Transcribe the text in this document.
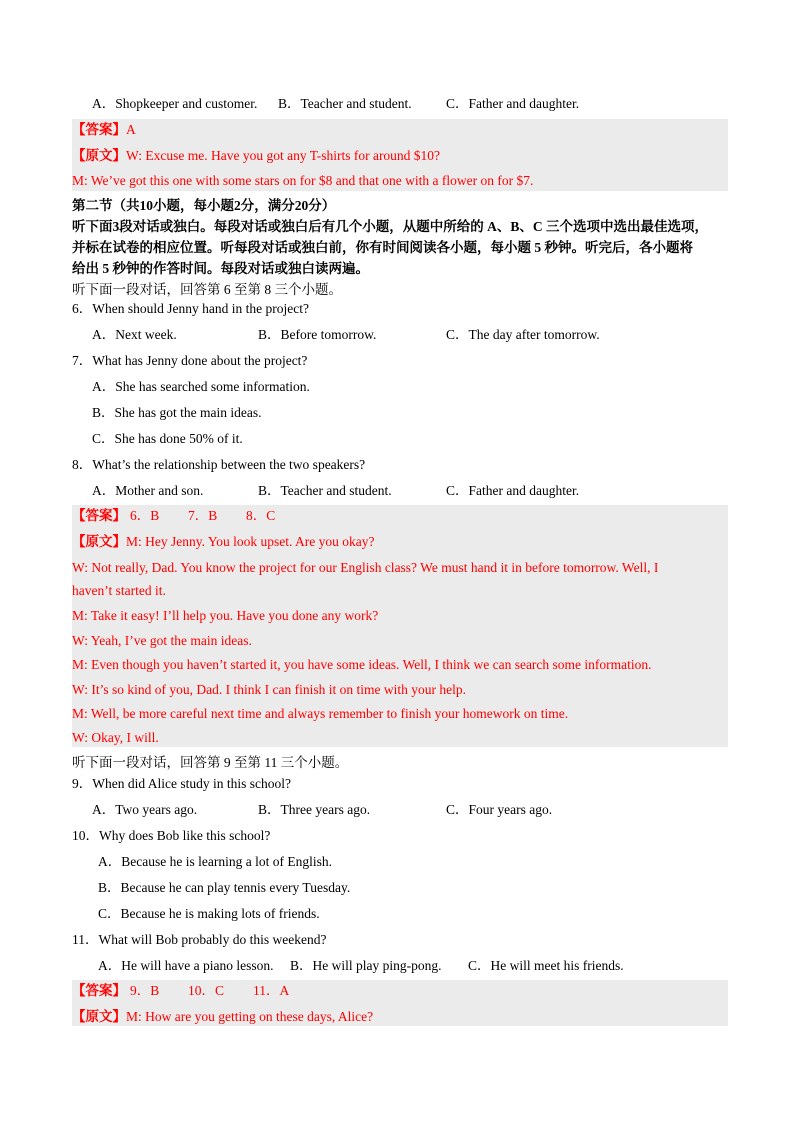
A．Shopkeeper and customer. B．Teacher and student.	C．Father and daughter.
【答案】A
【原文】W: Excuse me. Have you got any T-shirts for around $10?
M: We’ve got this one with some stars on for $8 and that one with a flower on for $7.
第二节（共10小题，每小题2分，满分20分）
听下面3段对话或独白。每段对话或独白后有几个小题，从题中所给的 A、B、C 三个选项中选出最佳选项，
并标在试卷的相应位置。听每段对话或独白前，你有时间阅读各小题，每小题 5 秒钟。听完后，各小题将
给出 5 秒钟的作答时间。每段对话或独白读两遍。
听下面一段对话，回答第 6 至第 8 三个小题。
6．When should Jenny hand in the project?
A．Next week.	B．Before tomorrow.	C．The day after tomorrow.
7．What has Jenny done about the project?
A．She has searched some information.
B．She has got the main ideas.
C．She has done 50% of it.
8．What’s the relationship between the two speakers?
A．Mother and son.	B．Teacher and student.	C．Father and daughter.
【答案】 6．B 7．B 8．C
【原文】M: Hey Jenny. You look upset. Are you okay?
W: Not really, Dad. You know the project for our English class? We must hand it in before tomorrow. Well, I
haven’t started it.
M: Take it easy! I’ll help you. Have you done any work?
W: Yeah, I’ve got the main ideas.
M: Even though you haven’t started it, you have some ideas. Well, I think we can search some information.
W: It’s so kind of you, Dad. I think I can finish it on time with your help.
M: Well, be more careful next time and always remember to finish your homework on time.
W: Okay, I will.
听下面一段对话，回答第 9 至第 11 三个小题。
9．When did Alice study in this school?
A．Two years ago.	B．Three years ago.	C．Four years ago.
10．Why does Bob like this school?
A．Because he is learning a lot of English.
B．Because he can play tennis every Tuesday.
C．Because he is making lots of friends.
11．What will Bob probably do this weekend?
A．He will have a piano lesson. B．He will play ping-pong. C．He will meet his friends.
【答案】 9．B 10．C 11．A
【原文】M: How are you getting on these days, Alice?
